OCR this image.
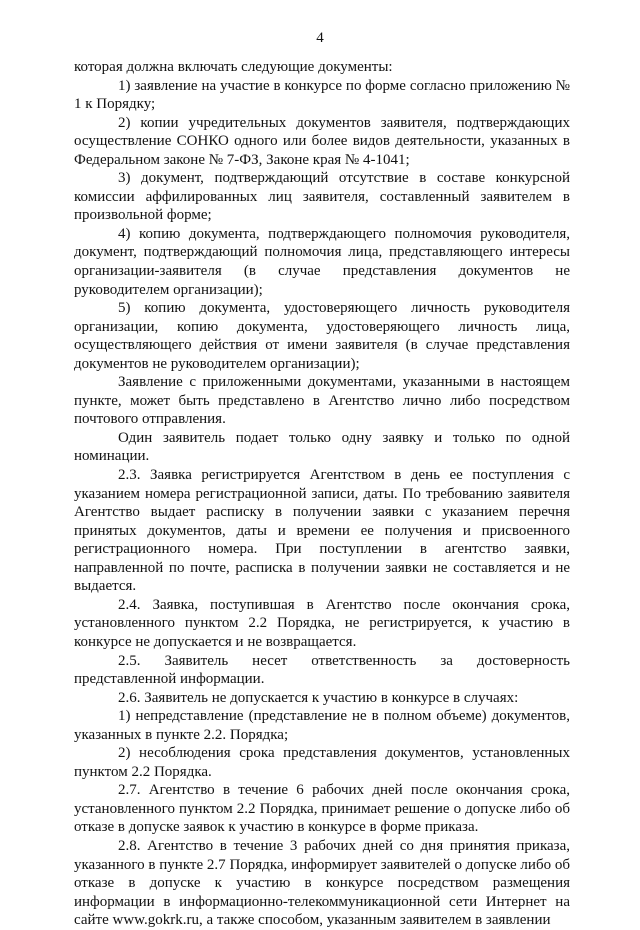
4

которая должна включать следующие документы:

1) заявление на участие в конкурсе по форме согласно приложению № 1 к Порядку;

2) копии учредительных документов заявителя, подтверждающих осуществление СОНКО одного или более видов деятельности, указанных в Федеральном законе № 7-ФЗ, Законе края № 4-1041;

3) документ, подтверждающий отсутствие в составе конкурсной комиссии аффилированных лиц заявителя, составленный заявителем в произвольной форме;

4) копию документа, подтверждающего полномочия руководителя, документ, подтверждающий полномочия лица, представляющего интересы организации-заявителя (в случае представления документов не руководителем организации);

5) копию документа, удостоверяющего личность руководителя организации, копию документа, удостоверяющего личность лица, осуществляющего действия от имени заявителя (в случае представления документов не руководителем организации);

Заявление с приложенными документами, указанными в настоящем пункте, может быть представлено в Агентство лично либо посредством почтового отправления.

Один заявитель подает только одну заявку и только по одной номинации.

2.3. Заявка регистрируется Агентством в день ее поступления с указанием номера регистрационной записи, даты. По требованию заявителя Агентство выдает расписку в получении заявки с указанием перечня принятых документов, даты и времени ее получения и присвоенного регистрационного номера. При поступлении в агентство заявки, направленной по почте, расписка в получении заявки не составляется и не выдается.

2.4. Заявка, поступившая в Агентство после окончания срока, установленного пунктом 2.2 Порядка, не регистрируется, к участию в конкурсе не допускается и не возвращается.

2.5. Заявитель несет ответственность за достоверность представленной информации.

2.6. Заявитель не допускается к участию в конкурсе в случаях:

1) непредставление (представление не в полном объеме) документов, указанных в пункте 2.2. Порядка;

2) несоблюдения срока представления документов, установленных пунктом 2.2 Порядка.

2.7. Агентство в течение 6 рабочих дней после окончания срока, установленного пунктом 2.2 Порядка, принимает решение о допуске либо об отказе в допуске заявок к участию в конкурсе в форме приказа.

2.8. Агентство в течение 3 рабочих дней со дня принятия приказа, указанного в пункте 2.7 Порядка, информирует заявителей о допуске либо об отказе в допуске к участию в конкурсе посредством размещения информации в информационно-телекоммуникационной сети Интернет на сайте www.gokrk.ru, а также способом, указанным заявителем в заявлении
